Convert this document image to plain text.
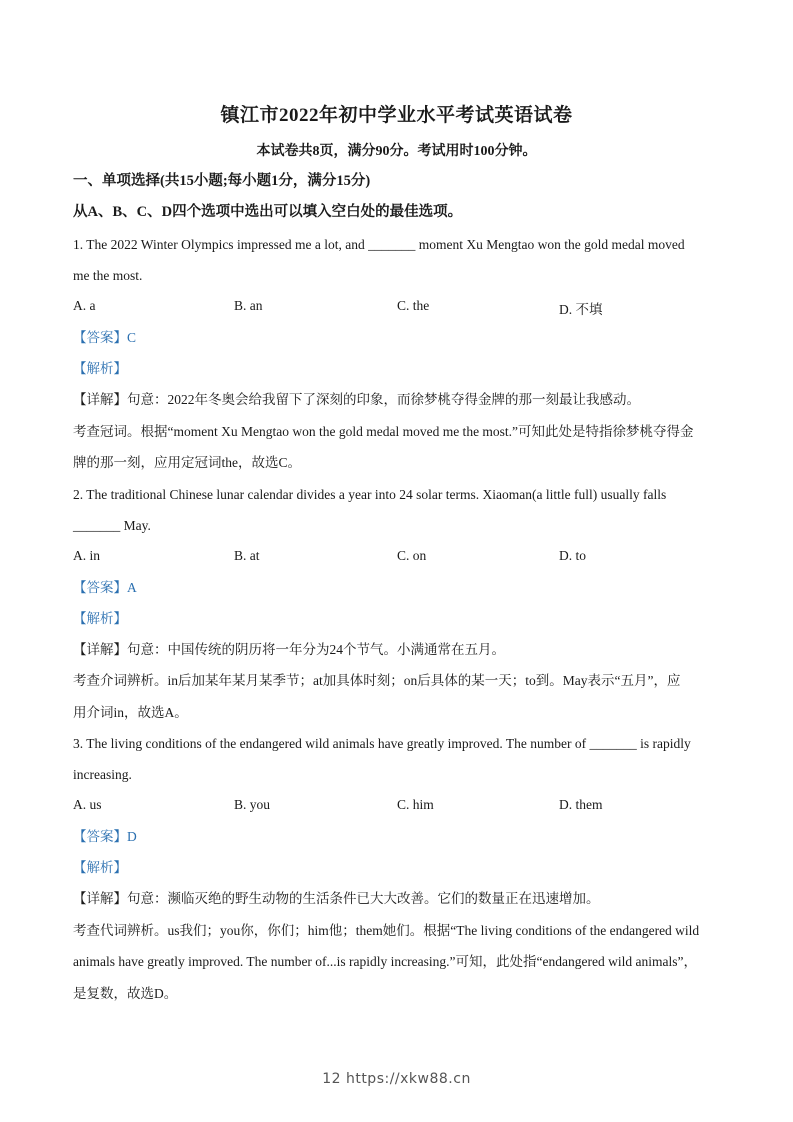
镇江市2022年初中学业水平考试英语试卷
本试卷共8页，满分90分。考试用时100分钟。
一、单项选择(共15小题;每小题1分，满分15分)
从A、B、C、D四个选项中选出可以填入空白处的最佳选项。
1. The 2022 Winter Olympics impressed me a lot, and _______ moment Xu Mengtao won the gold medal moved
me the most.
A. a	B. an	C. the	D. 不填
【答案】C
【解析】
【详解】句意：2022年冬奥会给我留下了深刻的印象，而徐梦桃夺得金牌的那一刻最让我感动。
考查冠词。根据“moment Xu Mengtao won the gold medal moved me the most.”可知此处是特指徐梦桃夺得金
牌的那一刻，应用定冠词the，故选C。
2. The traditional Chinese lunar calendar divides a year into 24 solar terms. Xiaoman(a little full) usually falls
_______ May.
A. in	B. at	C. on	D. to
【答案】A
【解析】
【详解】句意：中国传统的阴历将一年分为24个节气。小满通常在五月。
考查介词辨析。in后加某年某月某季节；at加具体时刻；on后具体的某一天；to到。May表示“五月”，应
用介词in，故选A。
3. The living conditions of the endangered wild animals have greatly improved. The number of _______ is rapidly
increasing.
A. us	B. you	C. him	D. them
【答案】D
【解析】
【详解】句意：濒临灭绝的野生动物的生活条件已大大改善。它们的数量正在迅速增加。
考查代词辨析。us我们；you你，你们；him他；them她们。根据“The living conditions of the endangered wild
animals have greatly improved. The number of...is rapidly increasing.”可知，此处指“endangered wild animals”，
是复数，故选D。
12 https://xkw88.cn
